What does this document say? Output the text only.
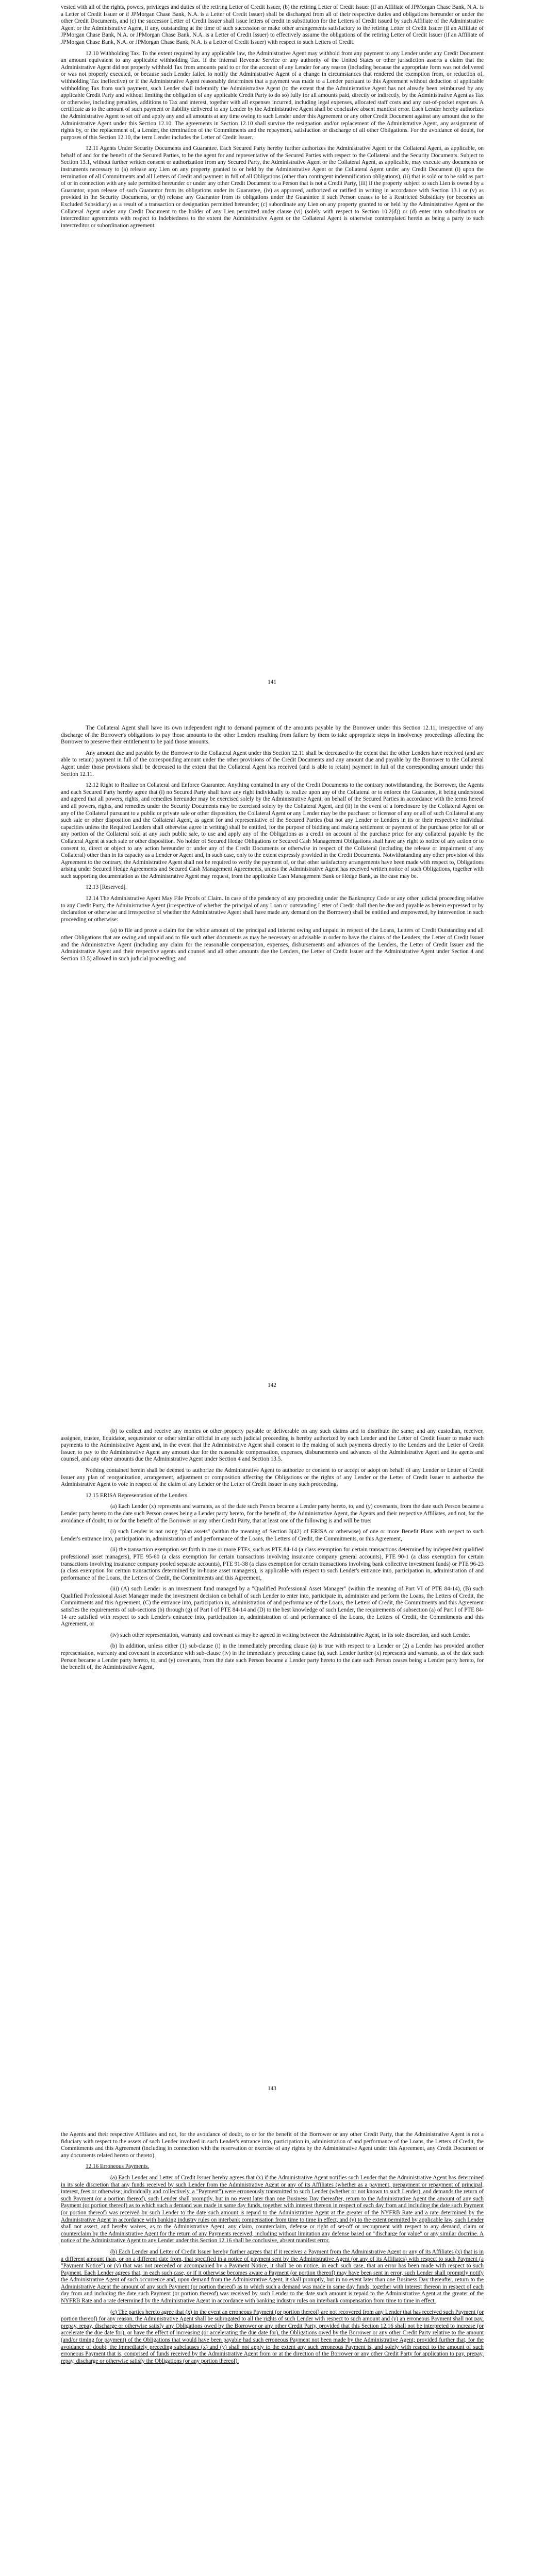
vested with all of the rights, powers, privileges and duties of the retiring Letter of Credit Issuer, (b) the retiring Letter of Credit Issuer (if an Affiliate of JPMorgan Chase Bank, N.A. is a Letter of Credit Issuer or if JPMorgan Chase Bank, N.A. is a Letter of Credit Issuer) shall be discharged from all of their respective duties and obligations hereunder or under the other Credit Documents, and (c) the successor Letter of Credit Issuer shall issue letters of credit in substitution for the Letters of Credit issued by such Affiliate of the Administrative Agent or the Administrative Agent, if any, outstanding at the time of such succession or make other arrangements satisfactory to the retiring Letter of Credit Issuer (if an Affiliate of JPMorgan Chase Bank, N.A. or JPMorgan Chase Bank, N.A. is a Letter of Credit Issuer) to effectively assume the obligations of the retiring Letter of Credit Issuer (if an Affiliate of JPMorgan Chase Bank, N.A. or JPMorgan Chase Bank, N.A. is a Letter of Credit Issuer) with respect to such Letters of Credit.

12.10 Withholding Tax. To the extent required by any applicable law, the Administrative Agent may withhold from any payment to any Lender under any Credit Document an amount equivalent to any applicable withholding Tax. If the Internal Revenue Service or any authority of the United States or other jurisdiction asserts a claim that the Administrative Agent did not properly withhold Tax from amounts paid to or for the account of any Lender for any reason (including because the appropriate form was not delivered or was not properly executed, or because such Lender failed to notify the Administrative Agent of a change in circumstances that rendered the exemption from, or reduction of, withholding Tax ineffective) or if the Administrative Agent reasonably determines that a payment was made to a Lender pursuant to this Agreement without deduction of applicable withholding Tax from such payment, such Lender shall indemnify the Administrative Agent (to the extent that the Administrative Agent has not already been reimbursed by any applicable Credit Party and without limiting the obligation of any applicable Credit Party to do so) fully for all amounts paid, directly or indirectly, by the Administrative Agent as Tax or otherwise, including penalties, additions to Tax and interest, together with all expenses incurred, including legal expenses, allocated staff costs and any out-of-pocket expenses. A certificate as to the amount of such payment or liability delivered to any Lender by the Administrative Agent shall be conclusive absent manifest error. Each Lender hereby authorizes the Administrative Agent to set off and apply any and all amounts at any time owing to such Lender under this Agreement or any other Credit Document against any amount due to the Administrative Agent under this Section 12.10. The agreements in Section 12.10 shall survive the resignation and/or replacement of the Administrative Agent, any assignment of rights by, or the replacement of, a Lender, the termination of the Commitments and the repayment, satisfaction or discharge of all other Obligations. For the avoidance of doubt, for purposes of this Section 12.10, the term Lender includes the Letter of Credit Issuer.

12.11 Agents Under Security Documents and Guarantee. Each Secured Party hereby further authorizes the Administrative Agent or the Collateral Agent, as applicable, on behalf of and for the benefit of the Secured Parties, to be the agent for and representative of the Secured Parties with respect to the Collateral and the Security Documents. Subject to Section 13.1, without further written consent or authorization from any Secured Party, the Administrative Agent or the Collateral Agent, as applicable, may execute any documents or instruments necessary to (a) release any Lien on any property granted to or held by the Administrative Agent or the Collateral Agent under any Credit Document (i) upon the termination of all Commitments and all Letters of Credit and payment in full of all Obligations (other than contingent indemnification obligations), (ii) that is sold or to be sold as part of or in connection with any sale permitted hereunder or under any other Credit Document to a Person that is not a Credit Party, (iii) if the property subject to such Lien is owned by a Guarantor, upon release of such Guarantor from its obligations under its Guarantee, (iv) as approved, authorized or ratified in writing in accordance with Section 13.1 or (v) as provided in the Security Documents, or (b) release any Guarantor from its obligations under the Guarantee if such Person ceases to be a Restricted Subsidiary (or becomes an Excluded Subsidiary) as a result of a transaction or designation permitted hereunder; (c) subordinate any Lien on any property granted to or held by the Administrative Agent or the Collateral Agent under any Credit Document to the holder of any Lien permitted under clause (vi) (solely with respect to Section 10.2(d)) or (d) enter into subordination or intercreditor agreements with respect to Indebtedness to the extent the Administrative Agent or the Collateral Agent is otherwise contemplated herein as being a party to such intercreditor or subordination agreement.

141

The Collateral Agent shall have its own independent right to demand payment of the amounts payable by the Borrower under this Section 12.11, irrespective of any discharge of the Borrower's obligations to pay those amounts to the other Lenders resulting from failure by them to take appropriate steps in insolvency proceedings affecting the Borrower to preserve their entitlement to be paid those amounts.

Any amount due and payable by the Borrower to the Collateral Agent under this Section 12.11 shall be decreased to the extent that the other Lenders have received (and are able to retain) payment in full of the corresponding amount under the other provisions of the Credit Documents and any amount due and payable by the Borrower to the Collateral Agent under those provisions shall be decreased to the extent that the Collateral Agent has received (and is able to retain) payment in full of the corresponding amount under this Section 12.11.

12.12 Right to Realize on Collateral and Enforce Guarantee. Anything contained in any of the Credit Documents to the contrary notwithstanding, the Borrower, the Agents and each Secured Party hereby agree that (i) no Secured Party shall have any right individually to realize upon any of the Collateral or to enforce the Guarantee, it being understood and agreed that all powers, rights, and remedies hereunder may be exercised solely by the Administrative Agent, on behalf of the Secured Parties in accordance with the terms hereof and all powers, rights, and remedies under the Security Documents may be exercised solely by the Collateral Agent, and (ii) in the event of a foreclosure by the Collateral Agent on any of the Collateral pursuant to a public or private sale or other disposition, the Collateral Agent or any Lender may be the purchaser or licensor of any or all of such Collateral at any such sale or other disposition and the Collateral Agent, as agent for and representative of the Secured Parties (but not any Lender or Lenders in its or their respective individual capacities unless the Required Lenders shall otherwise agree in writing) shall be entitled, for the purpose of bidding and making settlement or payment of the purchase price for all or any portion of the Collateral sold at any such public sale, to use and apply any of the Obligations as a credit on account of the purchase price for any collateral payable by the Collateral Agent at such sale or other disposition. No holder of Secured Hedge Obligations or Secured Cash Management Obligations shall have any right to notice of any action or to consent to, direct or object to any action hereunder or under any of the Credit Documents or otherwise in respect of the Collateral (including the release or impairment of any Collateral) other than in its capacity as a Lender or Agent and, in such case, only to the extent expressly provided in the Credit Documents. Notwithstanding any other provision of this Agreement to the contrary, the Administrative Agent shall not be required to verify the payment of, or that other satisfactory arrangements have been made with respect to, Obligations arising under Secured Hedge Agreements and Secured Cash Management Agreements, unless the Administrative Agent has received written notice of such Obligations, together with such supporting documentation as the Administrative Agent may request, from the applicable Cash Management Bank or Hedge Bank, as the case may be.

12.13 [Reserved].

12.14 The Administrative Agent May File Proofs of Claim. In case of the pendency of any proceeding under the Bankruptcy Code or any other judicial proceeding relative to any Credit Party, the Administrative Agent (irrespective of whether the principal of any Loan or outstanding Letter of Credit shall then be due and payable as herein expressed or by declaration or otherwise and irrespective of whether the Administrative Agent shall have made any demand on the Borrower) shall be entitled and empowered, by intervention in such proceeding or otherwise:

(a) to file and prove a claim for the whole amount of the principal and interest owing and unpaid in respect of the Loans, Letters of Credit Outstanding and all other Obligations that are owing and unpaid and to file such other documents as may be necessary or advisable in order to have the claims of the Lenders, the Letter of Credit Issuer and the Administrative Agent (including any claim for the reasonable compensation, expenses, disbursements and advances of the Lenders, the Letter of Credit Issuer and the Administrative Agent and their respective agents and counsel and all other amounts due the Lenders, the Letter of Credit Issuer and the Administrative Agent under Section 4 and Section 13.5) allowed in such judicial proceeding; and

142

(b) to collect and receive any monies or other property payable or deliverable on any such claims and to distribute the same; and any custodian, receiver, assignee, trustee, liquidator, sequestrator or other similar official in any such judicial proceeding is hereby authorized by each Lender and the Letter of Credit Issuer to make such payments to the Administrative Agent and, in the event that the Administrative Agent shall consent to the making of such payments directly to the Lenders and the Letter of Credit Issuer, to pay to the Administrative Agent any amount due for the reasonable compensation, expenses, disbursements and advances of the Administrative Agent and its agents and counsel, and any other amounts due the Administrative Agent under Section 4 and Section 13.5.

Nothing contained herein shall be deemed to authorize the Administrative Agent to authorize or consent to or accept or adopt on behalf of any Lender or Letter of Credit Issuer any plan of reorganization, arrangement, adjustment or composition affecting the Obligations or the rights of any Lender or the Letter of Credit Issuer to authorize the Administrative Agent to vote in respect of the claim of any Lender or the Letter of Credit Issuer in any such proceeding.

12.15 ERISA Representation of the Lenders.

(a) Each Lender (x) represents and warrants, as of the date such Person became a Lender party hereto, to, and (y) covenants, from the date such Person became a Lender party hereto to the date such Person ceases being a Lender party hereto, for the benefit of, the Administrative Agent, the Agents and their respective Affiliates, and not, for the avoidance of doubt, to or for the benefit of the Borrower or any other Credit Party, that at least one of the following is and will be true:

(i) such Lender is not using "plan assets" (within the meaning of Section 3(42) of ERISA or otherwise) of one or more Benefit Plans with respect to such Lender's entrance into, participation in, administration of and performance of the Loans, the Letters of Credit, the Commitments, or this Agreement,

(ii) the transaction exemption set forth in one or more PTEs, such as PTE 84-14 (a class exemption for certain transactions determined by independent qualified professional asset managers), PTE 95-60 (a class exemption for certain transactions involving insurance company general accounts), PTE 90-1 (a class exemption for certain transactions involving insurance company pooled separate accounts), PTE 91-38 (a class exemption for certain transactions involving bank collective investment funds) or PTE 96-23 (a class exemption for certain transactions determined by in-house asset managers), is applicable with respect to such Lender's entrance into, participation in, administration of and performance of the Loans, the Letters of Credit, the Commitments and this Agreement,

(iii) (A) such Lender is an investment fund managed by a "Qualified Professional Asset Manager" (within the meaning of Part VI of PTE 84-14), (B) such Qualified Professional Asset Manager made the investment decision on behalf of such Lender to enter into, participate in, administer and perform the Loans, the Letters of Credit, the Commitments and this Agreement, (C) the entrance into, participation in, administration of and performance of the Loans, the Letters of Credit, the Commitments and this Agreement satisfies the requirements of sub-sections (b) through (g) of Part I of PTE 84-14 and (D) to the best knowledge of such Lender, the requirements of subsection (a) of Part I of PTE 84-14 are satisfied with respect to such Lender's entrance into, participation in, administration of and performance of the Loans, the Letters of Credit, the Commitments and this Agreement, or

(iv) such other representation, warranty and covenant as may be agreed in writing between the Administrative Agent, in its sole discretion, and such Lender.

(b) In addition, unless either (1) sub-clause (i) in the immediately preceding clause (a) is true with respect to a Lender or (2) a Lender has provided another representation, warranty and covenant in accordance with sub-clause (iv) in the immediately preceding clause (a), such Lender further (x) represents and warrants, as of the date such Person became a Lender party hereto, to, and (y) covenants, from the date such Person became a Lender party hereto to the date such Person ceases being a Lender party hereto, for the benefit of, the Administrative Agent,

143

the Agents and their respective Affiliates and not, for the avoidance of doubt, to or for the benefit of the Borrower or any other Credit Party, that the Administrative Agent is not a fiduciary with respect to the assets of such Lender involved in such Lender's entrance into, participation in, administration of and performance of the Loans, the Letters of Credit, the Commitments and this Agreement (including in connection with the reservation or exercise of any rights by the Administrative Agent under this Agreement, any Credit Document or any documents related hereto or thereto).

12.16 Erroneous Payments.

(a) Each Lender and Letter of Credit Issuer hereby agrees that (x) if the Administrative Agent notifies such Lender that the Administrative Agent has determined in its sole discretion that any funds received by such Lender from the Administrative Agent or any of its Affiliates (whether as a payment, prepayment or repayment of principal, interest, fees or otherwise; individually and collectively, a "Payment") were erroneously transmitted to such Lender (whether or not known to such Lender), and demands the return of such Payment (or a portion thereof), such Lender shall promptly, but in no event later than one Business Day thereafter, return to the Administrative Agent the amount of any such Payment (or portion thereof) as to which such a demand was made in same day funds, together with interest thereon in respect of each day from and including the date such Payment (or portion thereof) was received by such Lender to the date such amount is repaid to the Administrative Agent at the greater of the NYFRB Rate and a rate determined by the Administrative Agent in accordance with banking industry rules on interbank compensation from time to time in effect, and (y) to the extent permitted by applicable law, such Lender shall not assert, and hereby waives, as to the Administrative Agent, any claim, counterclaim, defense or right of set-off or recoupment with respect to any demand, claim or counterclaim by the Administrative Agent for the return of any Payments received, including without limitation any defense based on "discharge for value" or any similar doctrine. A notice of the Administrative Agent to any Lender under this Section 12.16 shall be conclusive, absent manifest error.

(b) Each Lender and Letter of Credit Issuer hereby further agrees that if it receives a Payment from the Administrative Agent or any of its Affiliates (x) that is in a different amount than, or on a different date from, that specified in a notice of payment sent by the Administrative Agent (or any of its Affiliates) with respect to such Payment (a "Payment Notice") or (y) that was not preceded or accompanied by a Payment Notice, it shall be on notice, in each such case, that an error has been made with respect to such Payment. Each Lender agrees that, in each such case, or if it otherwise becomes aware a Payment (or portion thereof) may have been sent in error, such Lender shall promptly notify the Administrative Agent of such occurrence and, upon demand from the Administrative Agent, it shall promptly, but in no event later than one Business Day thereafter, return to the Administrative Agent the amount of any such Payment (or portion thereof) as to which such a demand was made in same day funds, together with interest thereon in respect of each day from and including the date such Payment (or portion thereof) was received by such Lender to the date such amount is repaid to the Administrative Agent at the greater of the NYFRB Rate and a rate determined by the Administrative Agent in accordance with banking industry rules on interbank compensation from time to time in effect.

(c) The parties hereto agree that (x) in the event an erroneous Payment (or portion thereof) are not recovered from any Lender that has received such Payment (or portion thereof) for any reason, the Administrative Agent shall be subrogated to all the rights of such Lender with respect to such amount and (y) an erroneous Payment shall not pay, prepay, repay, discharge or otherwise satisfy any Obligations owed by the Borrower or any other Credit Party, provided that this Section 12.16 shall not be interpreted to increase (or accelerate the due date for), or have the effect of increasing (or accelerating the due date for), the Obligations owed by the Borrower or any other Credit Party relative to the amount (and/or timing for payment) of the Obligations that would have been payable had such erroneous Payment not been made by the Administrative Agent; provided further that, for the avoidance of doubt, the immediately preceding subclauses (x) and (y) shall not apply to the extent any such erroneous Payment is, and solely with respect to the amount of such erroneous Payment that is, comprised of funds received by the Administrative Agent from or at the direction of the Borrower or any other Credit Party for application to pay, prepay, repay, discharge or otherwise satisfy the Obligations (or any portion thereof).
